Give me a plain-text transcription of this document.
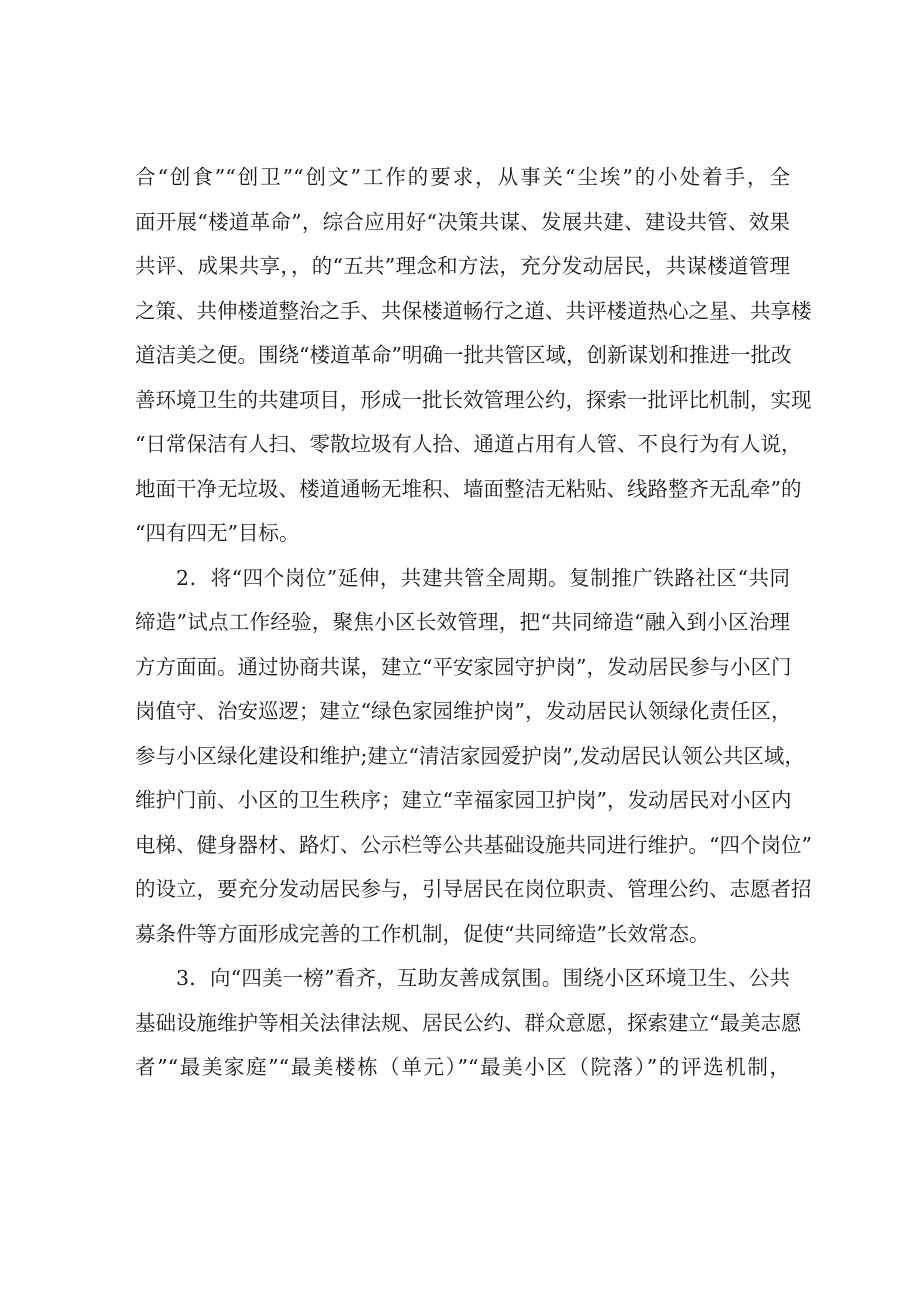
合“创食”“创卫”“创文”工作的要求，从事关“尘埃”的小处着手，全
面开展“楼道革命”，综合应用好“决策共谋、发展共建、建设共管、效果
共评、成果共享，，的“五共”理念和方法，充分发动居民，共谋楼道管理
之策、共伸楼道整治之手、共保楼道畅行之道、共评楼道热心之星、共享楼
道洁美之便。围绕“楼道革命”明确一批共管区域，创新谋划和推进一批改
善环境卫生的共建项目，形成一批长效管理公约，探索一批评比机制，实现
“日常保洁有人扫、零散垃圾有人拾、通道占用有人管、不良行为有人说，
地面干净无垃圾、楼道通畅无堆积、墙面整洁无粘贴、线路整齐无乱牵”的
“四有四无”目标。
2．将“四个岗位”延伸，共建共管全周期。复制推广铁路社区“共同
缔造”试点工作经验，聚焦小区长效管理，把“共同缔造“融入到小区治理
方方面面。通过协商共谋，建立“平安家园守护岗”，发动居民参与小区门
岗值守、治安巡逻；建立“绿色家园维护岗”，发动居民认领绿化责任区，
参与小区绿化建设和维护;建立“清洁家园爱护岗”,发动居民认领公共区域，
维护门前、小区的卫生秩序；建立“幸福家园卫护岗”，发动居民对小区内
电梯、健身器材、路灯、公示栏等公共基础设施共同进行维护。“四个岗位”
的设立，要充分发动居民参与，引导居民在岗位职责、管理公约、志愿者招
募条件等方面形成完善的工作机制，促使“共同缔造”长效常态。
3．向“四美一榜”看齐，互助友善成氛围。围绕小区环境卫生、公共
基础设施维护等相关法律法规、居民公约、群众意愿，探索建立“最美志愿
者”“最美家庭”“最美楼栋（单元）”“最美小区（院落）”的评选机制，
